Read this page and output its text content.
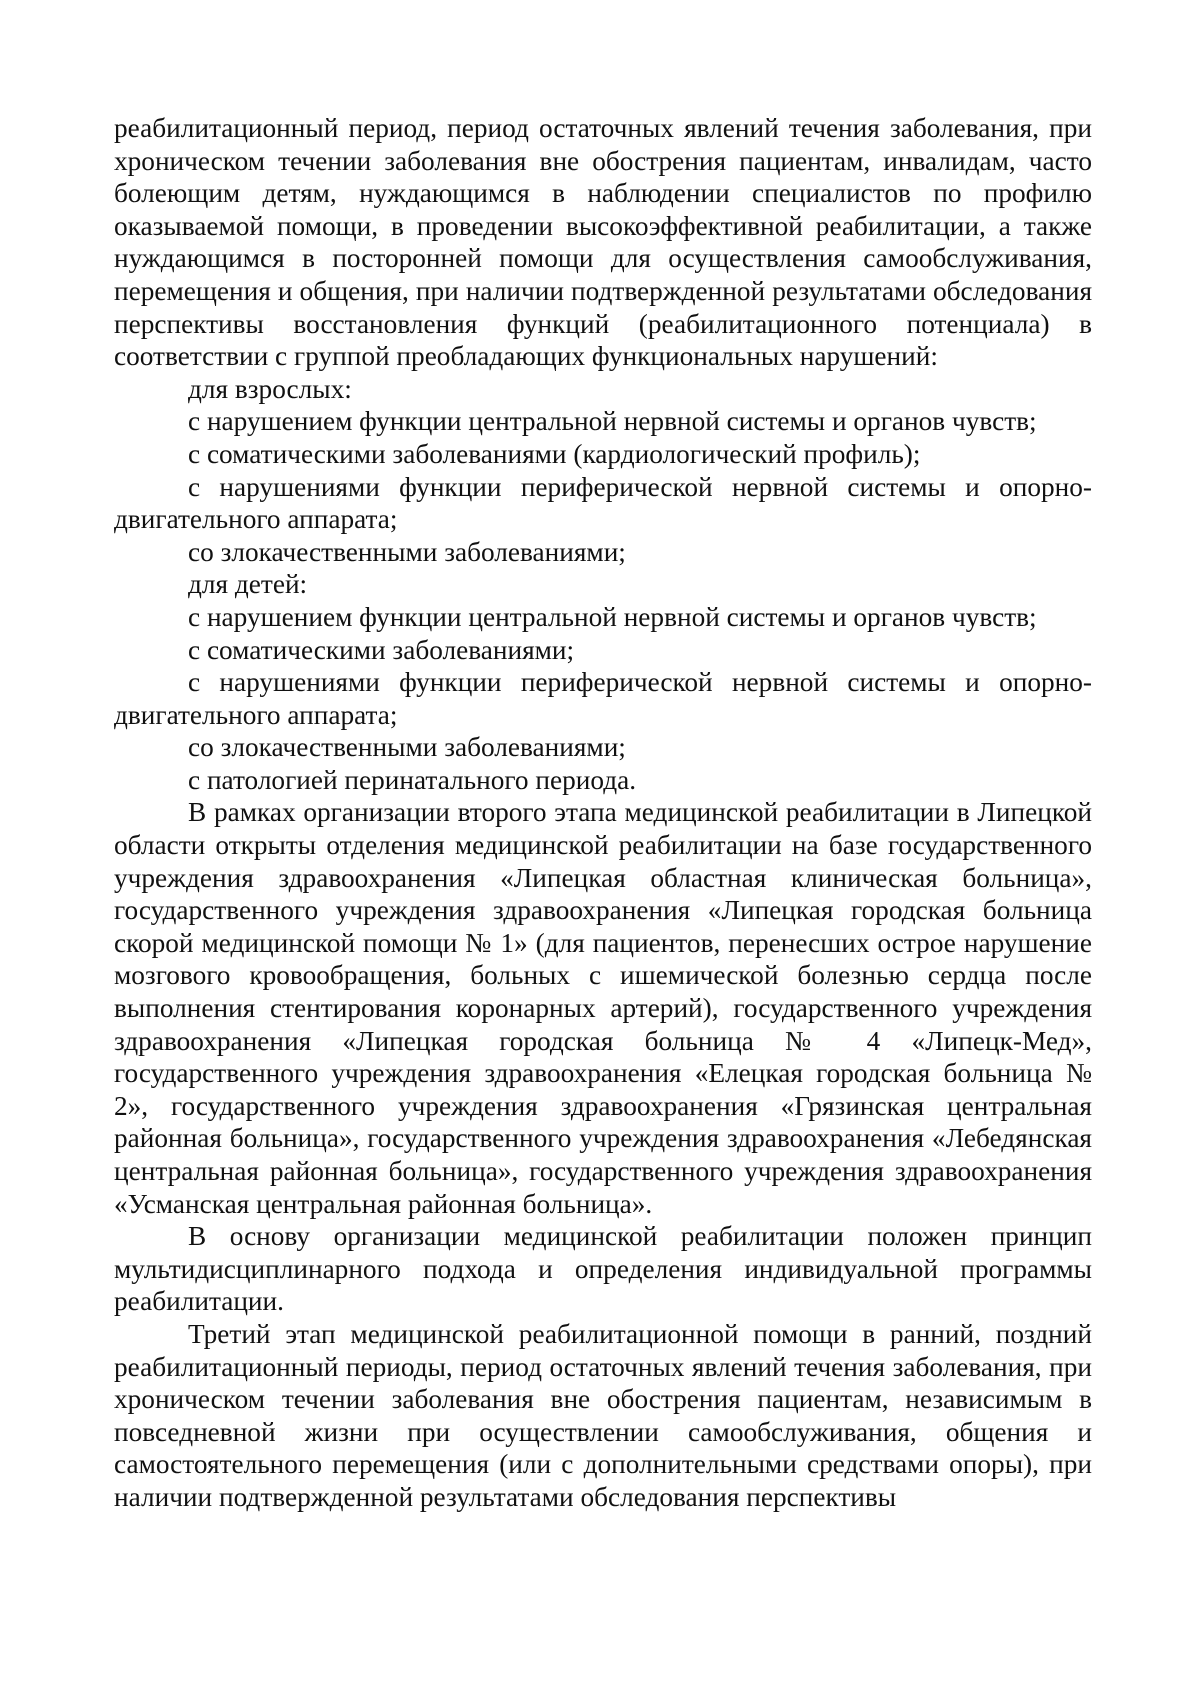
реабилитационный период, период остаточных явлений течения заболевания, при хроническом течении заболевания вне обострения пациентам, инвалидам, часто болеющим детям, нуждающимся в наблюдении специалистов по профилю оказываемой помощи, в проведении высокоэффективной реабилитации, а также нуждающимся в посторонней помощи для осуществления самообслуживания, перемещения и общения, при наличии подтвержденной результатами обследования перспективы восстановления функций (реабилитационного потенциала) в соответствии с группой преобладающих функциональных нарушений:

для взрослых:

с нарушением функции центральной нервной системы и органов чувств;

с соматическими заболеваниями (кардиологический профиль);

с нарушениями функции периферической нервной системы и опорно-двигательного аппарата;

со злокачественными заболеваниями;

для детей:

с нарушением функции центральной нервной системы и органов чувств;

с соматическими заболеваниями;

с нарушениями функции периферической нервной системы и опорно-двигательного аппарата;

со злокачественными заболеваниями;

с патологией перинатального периода.

В рамках организации второго этапа медицинской реабилитации в Липецкой области открыты отделения медицинской реабилитации на базе государственного учреждения здравоохранения «Липецкая областная клиническая больница», государственного учреждения здравоохранения «Липецкая городская больница скорой медицинской помощи № 1» (для пациентов, перенесших острое нарушение мозгового кровообращения, больных с ишемической болезнью сердца после выполнения стентирования коронарных артерий), государственного учреждения здравоохранения «Липецкая городская больница № 4 «Липецк-Мед», государственного учреждения здравоохранения «Елецкая городская больница № 2», государственного учреждения здравоохранения «Грязинская центральная районная больница», государственного учреждения здравоохранения «Лебедянская центральная районная больница», государственного учреждения здравоохранения «Усманская центральная районная больница».

В основу организации медицинской реабилитации положен принцип мультидисциплинарного подхода и определения индивидуальной программы реабилитации.

Третий этап медицинской реабилитационной помощи в ранний, поздний реабилитационный периоды, период остаточных явлений течения заболевания, при хроническом течении заболевания вне обострения пациентам, независимым в повседневной жизни при осуществлении самообслуживания, общения и самостоятельного перемещения (или с дополнительными средствами опоры), при наличии подтвержденной результатами обследования перспективы
